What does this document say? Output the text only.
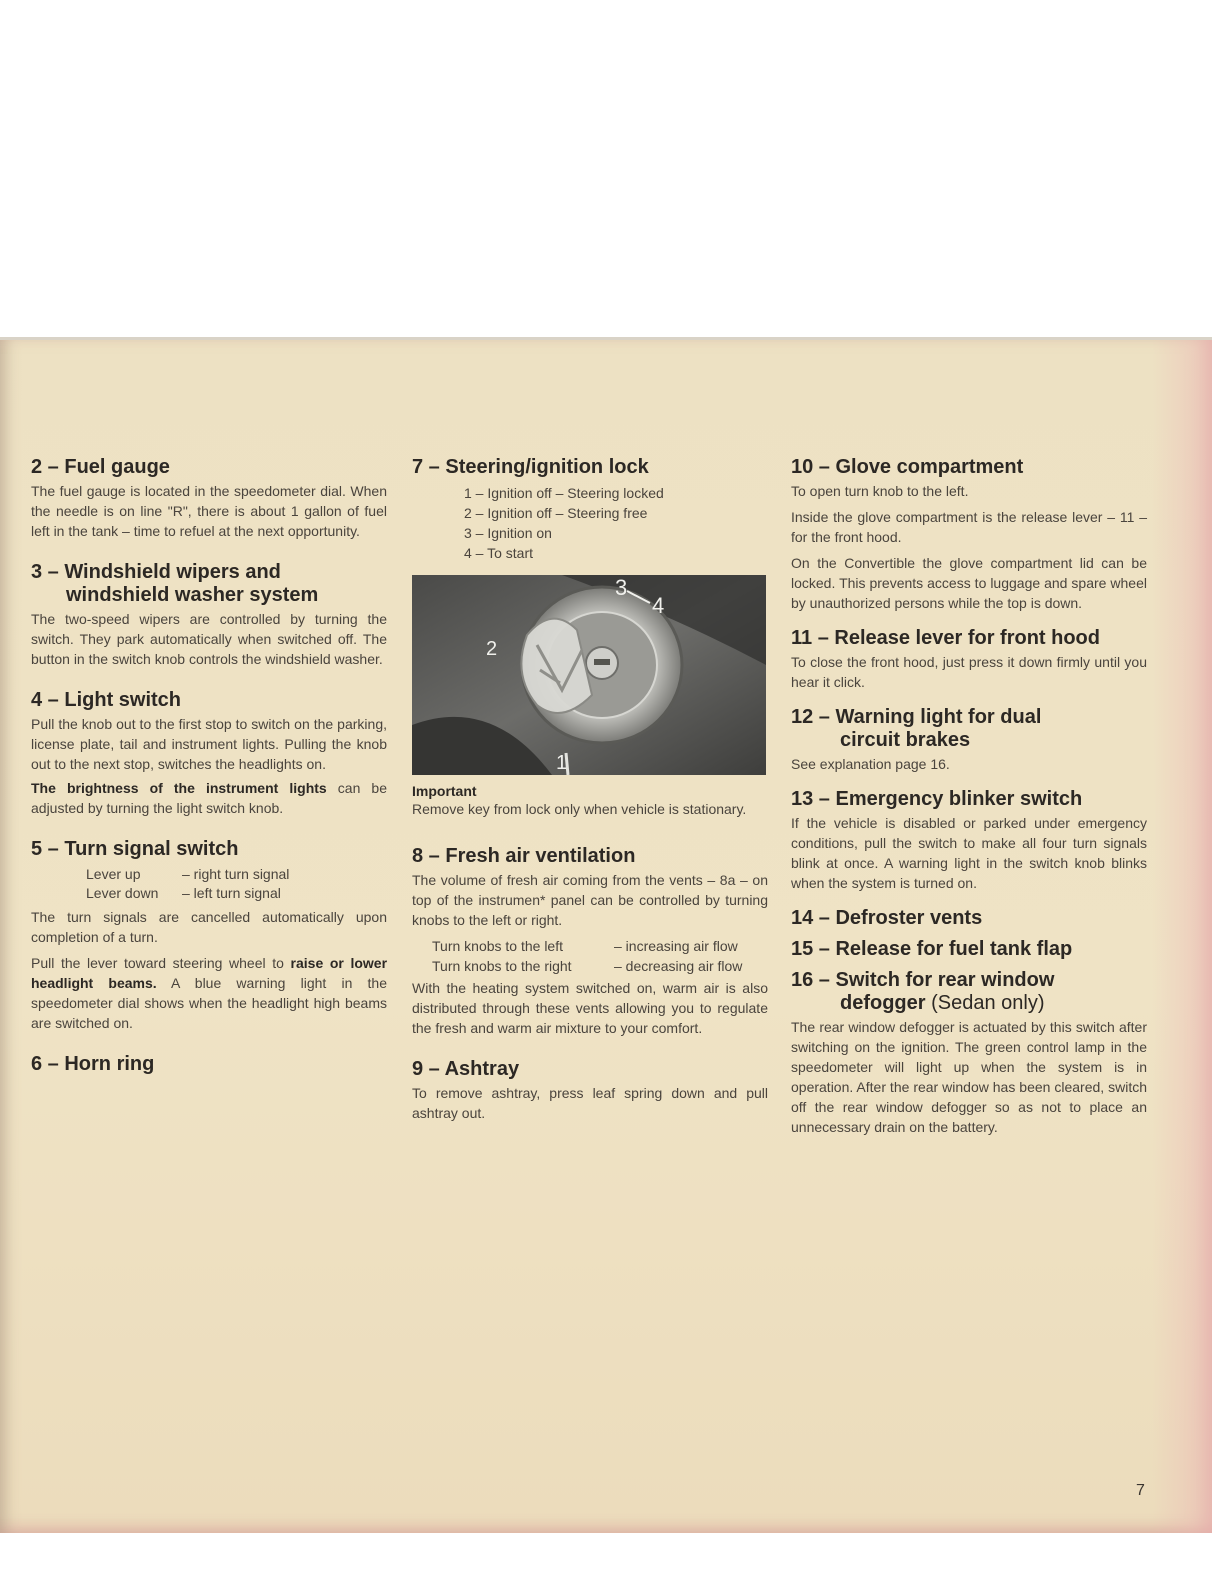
2 – Fuel gauge

The fuel gauge is located in the speedometer dial. When the needle is on line "R", there is about 1 gallon of fuel left in the tank – time to refuel at the next opportunity.

3 – Windshield wipers and
windshield washer system

The two-speed wipers are controlled by turning the switch. They park automatically when switched off. The button in the switch knob controls the windshield washer.

4 – Light switch

Pull the knob out to the first stop to switch on the parking, license plate, tail and instrument lights. Pulling the knob out to the next stop, switches the headlights on.

The brightness of the instrument lights can be adjusted by turning the light switch knob.

5 – Turn signal switch
Lever up	– right turn signal
Lever down – left turn signal

The turn signals are cancelled automatically upon completion of a turn.

Pull the lever toward steering wheel to raise or lower headlight beams. A blue warning light in the speedometer dial shows when the headlight high beams are switched on.

6 – Horn ring
7 – Steering/ignition lock
1 – Ignition off – Steering locked
2 – Ignition off – Steering free
3 – Ignition on
4 – To start
3
4
2
1
Important

Remove key from lock only when vehicle is stationary.

8 – Fresh air ventilation

The volume of fresh air coming from the vents – 8a – on top of the instrumen* panel can be controlled by turning knobs to the left or right.

Turn knobs to the left	– increasing air flow
Turn knobs to the right	– decreasing air flow

With the heating system switched on, warm air is also distributed through these vents allowing you to regulate the fresh and warm air mixture to your comfort.

9 – Ashtray

To remove ashtray, press leaf spring down and pull ashtray out.

10 – Glove compartment

To open turn knob to the left.

Inside the glove compartment is the release lever – 11 – for the front hood.

On the Convertible the glove compartment lid can be locked. This prevents access to luggage and spare wheel by unauthorized persons while the top is down.

11 – Release lever for front hood

To close the front hood, just press it down firmly until you hear it click.

12 – Warning light for dual
circuit brakes

See explanation page 16.

13 – Emergency blinker switch

If the vehicle is disabled or parked under emergency conditions, pull the switch to make all four turn signals blink at once. A warning light in the switch knob blinks when the system is turned on.

14 – Defroster vents
15 – Release for fuel tank flap
16 – Switch for rear window
defogger (Sedan only)

The rear window defogger is actuated by this switch after switching on the ignition. The green control lamp in the speedometer will light up when the system is in operation. After the rear window has been cleared, switch off the rear window defogger so as not to place an unnecessary drain on the battery.

7
